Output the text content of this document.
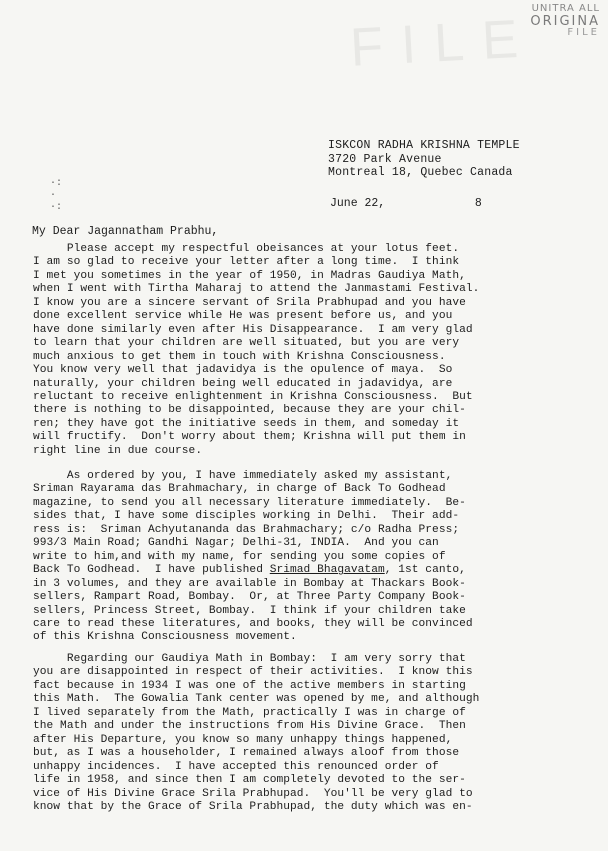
FILE
UNITRA ALL
ORIGINA
FILE
ISKCON RADHA KRISHNA TEMPLE
3720 Park Avenue
Montreal 18, Quebec Canada
·:
·
·:	June 22,             8
My Dear Jagannatham Prabhu,
Please accept my respectful obeisances at your lotus feet.
I am so glad to receive your letter after a long time.  I think
I met you sometimes in the year of 1950, in Madras Gaudiya Math,
when I went with Tirtha Maharaj to attend the Janmastami Festival.
I know you are a sincere servant of Srila Prabhupad and you have
done excellent service while He was present before us, and you
have done similarly even after His Disappearance.  I am very glad
to learn that your children are well situated, but you are very
much anxious to get them in touch with Krishna Consciousness.
You know very well that jadavidya is the opulence of maya.  So
naturally, your children being well educated in jadavidya, are
reluctant to receive enlightenment in Krishna Consciousness.  But
there is nothing to be disappointed, because they are your chil-
ren; they have got the initiative seeds in them, and someday it
will fructify.  Don't worry about them; Krishna will put them in
right line in due course.
As ordered by you, I have immediately asked my assistant,
Sriman Rayarama das Brahmachary, in charge of Back To Godhead
magazine, to send you all necessary literature immediately.  Be-
sides that, I have some disciples working in Delhi.  Their add-
ress is:  Sriman Achyutananda das Brahmachary; c/o Radha Press;
993/3 Main Road; Gandhi Nagar; Delhi-31, INDIA.  And you can
write to him,and with my name, for sending you some copies of
Back To Godhead.  I have published Srimad Bhagavatam, 1st canto,
in 3 volumes, and they are available in Bombay at Thackars Book-
sellers, Rampart Road, Bombay.  Or, at Three Party Company Book-
sellers, Princess Street, Bombay.  I think if your children take
care to read these literatures, and books, they will be convinced
of this Krishna Consciousness movement.
Regarding our Gaudiya Math in Bombay:  I am very sorry that
you are disappointed in respect of their activities.  I know this
fact because in 1934 I was one of the active members in starting
this Math.  The Gowalia Tank center was opened by me, and although
I lived separately from the Math, practically I was in charge of
the Math and under the instructions from His Divine Grace.  Then
after His Departure, you know so many unhappy things happened,
but, as I was a householder, I remained always aloof from those
unhappy incidences.  I have accepted this renounced order of
life in 1958, and since then I am completely devoted to the ser-
vice of His Divine Grace Srila Prabhupad.  You'll be very glad to
know that by the Grace of Srila Prabhupad, the duty which was en-
